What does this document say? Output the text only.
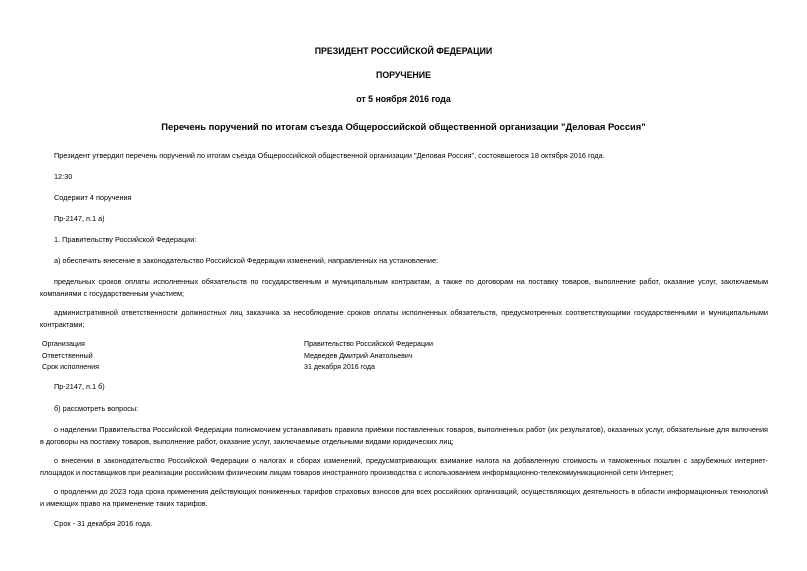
ПРЕЗИДЕНТ РОССИЙСКОЙ ФЕДЕРАЦИИ
ПОРУЧЕНИЕ
от 5 ноября 2016 года
Перечень поручений по итогам съезда Общероссийской общественной организации "Деловая Россия"
Президент утвердил перечень поручений по итогам съезда Общероссийской общественной организации "Деловая Россия", состоявшегося 18 октября 2016 года.
12:30
Содержит 4 поручения
Пр-2147, п.1 а)
1. Правительству Российской Федерации:
а) обеспечить внесение в законодательство Российской Федерации изменений, направленных на установление:
предельных сроков оплаты исполненных обязательств по государственным и муниципальным контрактам, а также по договорам на поставку товаров, выполнение работ, оказание услуг, заключаемым компаниями с государственным участием;
административной ответственности должностных лиц заказчика за несоблюдение сроков оплаты исполненных обязательств, предусмотренных соответствующими государственными и муниципальными контрактами;
Организация	Правительство Российской Федерации
Ответственный	Медведев Дмитрий Анатольевич
Срок исполнения	31 декабря 2016 года
Пр-2147, п.1 б)
б) рассмотреть вопросы:
о наделении Правительства Российской Федерации полномочием устанавливать правила приёмки поставленных товаров, выполненных работ (их результатов), оказанных услуг, обязательные для включения в договоры на поставку товаров, выполнение работ, оказание услуг, заключаемые отдельными видами юридических лиц;
о внесении в законодательство Российской Федерации о налогах и сборах изменений, предусматривающих взимание налога на добавленную стоимость и таможенных пошлин с зарубежных интернет-площадок и поставщиков при реализации российским физическим лицам товаров иностранного производства с использованием информационно-телекоммуникационной сети Интернет;
о продлении до 2023 года срока применения действующих пониженных тарифов страховых взносов для всех российских организаций, осуществляющих деятельность в области информационных технологий и имеющих право на применение таких тарифов.
Срок - 31 декабря 2016 года.
